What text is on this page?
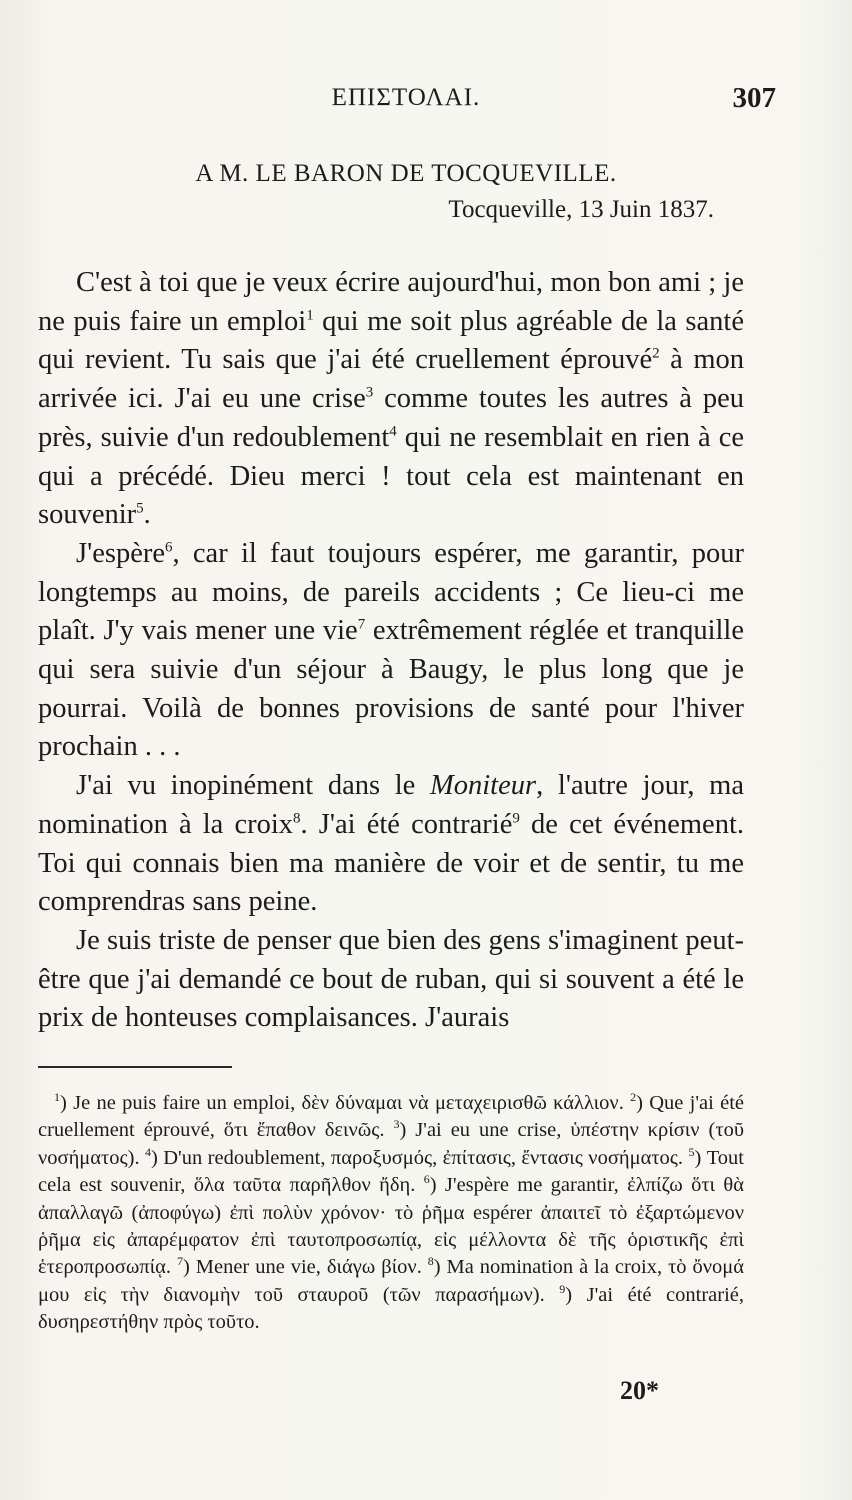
ΕΠΙΣΤΟΛΑΙ.	307
A M. LE BARON DE TOCQUEVILLE.
Tocqueville, 13 Juin 1837.

C'est à toi que je veux écrire aujourd'hui, mon bon ami ; je ne puis faire un emploi$^1$ qui me soit plus agréable de la santé qui revient. Tu sais que j'ai été cruellement éprouvé$^2$ à mon arrivée ici. J'ai eu une crise$^3$ comme toutes les autres à peu près, suivie d'un redoublement$^4$ qui ne resemblait en rien à ce qui a précédé. Dieu merci ! tout cela est maintenant en souvenir$^5$.

J'espère$^6$, car il faut toujours espérer, me garantir, pour longtemps au moins, de pareils accidents ; Ce lieu-ci me plaît. J'y vais mener une vie$^7$ extrêmement réglée et tranquille qui sera suivie d'un séjour à Baugy, le plus long que je pourrai. Voilà de bonnes provisions de santé pour l'hiver prochain . . .

J'ai vu inopinément dans le Moniteur, l'autre jour, ma nomination à la croix$^8$. J'ai été contrarié$^9$ de cet événement. Toi qui connais bien ma manière de voir et de sentir, tu me comprendras sans peine.

Je suis triste de penser que bien des gens s'imaginent peut-être que j'ai demandé ce bout de ruban, qui si souvent a été le prix de honteuses complaisances. J'aurais

$^1$) Je ne puis faire un emploi, δὲν δύναμαι νὰ μεταχειρισθῶ κάλλιον. $^2$) Que j'ai été cruellement éprouvé, ὅτι ἔπαθον δεινῶς. $^3$) J'ai eu une crise, ὑπέστην κρίσιν (τοῦ νοσήματος). $^4$) D'un redoublement, παροξυσμός, ἐπίτασις, ἔντασις νοσήματος. $^5$) Tout cela est souvenir, ὅλα ταῦτα παρῆλθον ἤδη. $^6$) J'espère me garantir, ἐλπίζω ὅτι θὰ ἀπαλλαγῶ (ἀποφύγω) ἐπὶ πολὺν χρόνον· τὸ ῥῆμα espérer ἀπαιτεῖ τὸ ἐξαρτώμενον ῥῆμα εἰς ἀπαρέμφατον ἐπὶ ταυτοπροσωπίᾳ, εἰς μέλλοντα δὲ τῆς ὁριστικῆς ἐπὶ ἑτεροπροσωπίᾳ. $^7$) Mener une vie, διάγω βίον. $^8$) Ma nomination à la croix, τὸ ὄνομά μου εἰς τὴν διανομὴν τοῦ σταυροῦ (τῶν παρασήμων). $^9$) J'ai été contrarié, δυσηρεστήθην πρὸς τοῦτο.

20*
